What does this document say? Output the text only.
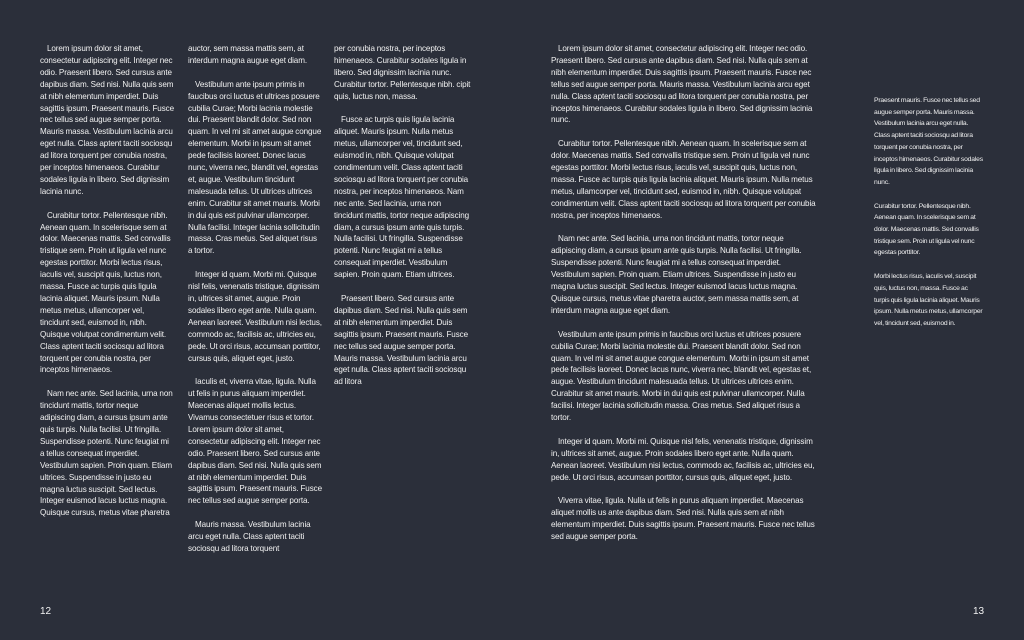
Lorem ipsum dolor sit amet, consectetur adipiscing elit. Integer nec odio. Praesent libero. Sed cursus ante dapibus diam. Sed nisi. Nulla quis sem at nibh elementum imperdiet. Duis sagittis ipsum. Praesent mauris. Fusce nec tellus sed augue semper porta. Mauris massa. Vestibulum lacinia arcu eget nulla. Class aptent taciti sociosqu ad litora torquent per conubia nostra, per inceptos himenaeos. Curabitur sodales ligula in libero. Sed dignissim lacinia nunc.

Curabitur tortor. Pellentesque nibh. Aenean quam. In scelerisque sem at dolor. Maecenas mattis. Sed convallis tristique sem. Proin ut ligula vel nunc egestas porttitor. Morbi lectus risus, iaculis vel, suscipit quis, luctus non, massa. Fusce ac turpis quis ligula lacinia aliquet. Mauris ipsum. Nulla metus metus, ullamcorper vel, tincidunt sed, euismod in, nibh. Quisque volutpat condimentum velit. Class aptent taciti sociosqu ad litora torquent per conubia nostra, per inceptos himenaeos.

Nam nec ante. Sed lacinia, urna non tincidunt mattis, tortor neque adipiscing diam, a cursus ipsum ante quis turpis. Nulla facilisi. Ut fringilla. Suspendisse potenti. Nunc feugiat mi a tellus consequat imperdiet. Vestibulum sapien. Proin quam. Etiam ultrices. Suspendisse in justo eu magna luctus suscipit. Sed lectus. Integer euismod lacus luctus magna. Quisque cursus, metus vitae pharetra

auctor, sem massa mattis sem, at interdum magna augue eget diam.

Vestibulum ante ipsum primis in faucibus orci luctus et ultrices posuere cubilia Curae; Morbi lacinia molestie dui. Praesent blandit dolor. Sed non quam. In vel mi sit amet augue congue elementum. Morbi in ipsum sit amet pede facilisis laoreet. Donec lacus nunc, viverra nec, blandit vel, egestas et, augue. Vestibulum tincidunt malesuada tellus. Ut ultrices ultrices enim. Curabitur sit amet mauris. Morbi in dui quis est pulvinar ullamcorper. Nulla facilisi. Integer lacinia sollicitudin massa. Cras metus. Sed aliquet risus a tortor.

Integer id quam. Morbi mi. Quisque nisl felis, venenatis tristique, dignissim in, ultrices sit amet, augue. Proin sodales libero eget ante. Nulla quam. Aenean laoreet. Vestibulum nisi lectus, commodo ac, facilisis ac, ultricies eu, pede. Ut orci risus, accumsan porttitor, cursus quis, aliquet eget, justo.

Iaculis et, viverra vitae, ligula. Nulla ut felis in purus aliquam imperdiet. Maecenas aliquet mollis lectus. Vivamus consectetuer risus et tortor. Lorem ipsum dolor sit amet, consectetur adipiscing elit. Integer nec odio. Praesent libero. Sed cursus ante dapibus diam. Sed nisi. Nulla quis sem at nibh elementum imperdiet. Duis sagittis ipsum. Praesent mauris. Fusce nec tellus sed augue semper porta.

Mauris massa. Vestibulum lacinia arcu eget nulla. Class aptent taciti sociosqu ad litora torquent

per conubia nostra, per inceptos himenaeos. Curabitur sodales ligula in libero. Sed dignissim lacinia nunc. Curabitur tortor. Pellentesque nibh. cipit quis, luctus non, massa.

Fusce ac turpis quis ligula lacinia aliquet. Mauris ipsum. Nulla metus metus, ullamcorper vel, tincidunt sed, euismod in, nibh. Quisque volutpat condimentum velit. Class aptent taciti sociosqu ad litora torquent per conubia nostra, per inceptos himenaeos. Nam nec ante. Sed lacinia, urna non tincidunt mattis, tortor neque adipiscing diam, a cursus ipsum ante quis turpis. Nulla facilisi. Ut fringilla. Suspendisse potenti. Nunc feugiat mi a tellus consequat imperdiet. Vestibulum sapien. Proin quam. Etiam ultrices.

Praesent libero. Sed cursus ante dapibus diam. Sed nisi. Nulla quis sem at nibh elementum imperdiet. Duis sagittis ipsum. Praesent mauris. Fusce nec tellus sed augue semper porta. Mauris massa. Vestibulum lacinia arcu eget nulla. Class aptent taciti sociosqu ad litora

12

Lorem ipsum dolor sit amet, consectetur adipiscing elit. Integer nec odio. Praesent libero. Sed cursus ante dapibus diam. Sed nisi. Nulla quis sem at nibh elementum imperdiet. Duis sagittis ipsum. Praesent mauris. Fusce nec tellus sed augue semper porta. Mauris massa. Vestibulum lacinia arcu eget nulla. Class aptent taciti sociosqu ad litora torquent per conubia nostra, per inceptos himenaeos. Curabitur sodales ligula in libero. Sed dignissim lacinia nunc.

Curabitur tortor. Pellentesque nibh. Aenean quam. In scelerisque sem at dolor. Maecenas mattis. Sed convallis tristique sem. Proin ut ligula vel nunc egestas porttitor. Morbi lectus risus, iaculis vel, suscipit quis, luctus non, massa. Fusce ac turpis quis ligula lacinia aliquet. Mauris ipsum. Nulla metus metus, ullamcorper vel, tincidunt sed, euismod in, nibh. Quisque volutpat condimentum velit. Class aptent taciti sociosqu ad litora torquent per conubia nostra, per inceptos himenaeos.

Nam nec ante. Sed lacinia, urna non tincidunt mattis, tortor neque adipiscing diam, a cursus ipsum ante quis turpis. Nulla facilisi. Ut fringilla. Suspendisse potenti. Nunc feugiat mi a tellus consequat imperdiet. Vestibulum sapien. Proin quam. Etiam ultrices. Suspendisse in justo eu magna luctus suscipit. Sed lectus. Integer euismod lacus luctus magna. Quisque cursus, metus vitae pharetra auctor, sem massa mattis sem, at interdum magna augue eget diam.

Vestibulum ante ipsum primis in faucibus orci luctus et ultrices posuere cubilia Curae; Morbi lacinia molestie dui. Praesent blandit dolor. Sed non quam. In vel mi sit amet augue congue elementum. Morbi in ipsum sit amet pede facilisis laoreet. Donec lacus nunc, viverra nec, blandit vel, egestas et, augue. Vestibulum tincidunt malesuada tellus. Ut ultrices ultrices enim. Curabitur sit amet mauris. Morbi in dui quis est pulvinar ullamcorper. Nulla facilisi. Integer lacinia sollicitudin massa. Cras metus. Sed aliquet risus a tortor.

Integer id quam. Morbi mi. Quisque nisl felis, venenatis tristique, dignissim in, ultrices sit amet, augue. Proin sodales libero eget ante. Nulla quam. Aenean laoreet. Vestibulum nisi lectus, commodo ac, facilisis ac, ultricies eu, pede. Ut orci risus, accumsan porttitor, cursus quis, aliquet eget, justo.

Viverra vitae, ligula. Nulla ut felis in purus aliquam imperdiet. Maecenas aliquet mollis us ante dapibus diam. Sed nisi. Nulla quis sem at nibh elementum imperdiet. Duis sagittis ipsum. Praesent mauris. Fusce nec tellus sed augue semper porta.

Praesent mauris. Fusce nec tellus sed augue semper porta. Mauris massa. Vestibulum lacinia arcu eget nulla. Class aptent taciti sociosqu ad litora torquent per conubia nostra, per inceptos himenaeos. Curabitur sodales ligula in libero. Sed dignissim lacinia nunc.

Curabitur tortor. Pellentesque nibh. Aenean quam. In scelerisque sem at dolor. Maecenas mattis. Sed convallis tristique sem. Proin ut ligula vel nunc egestas porttitor.

Morbi lectus risus, iaculis vel, suscipit quis, luctus non, massa. Fusce ac turpis quis ligula lacinia aliquet. Mauris ipsum. Nulla metus metus, ullamcorper vel, tincidunt sed, euismod in.

13
